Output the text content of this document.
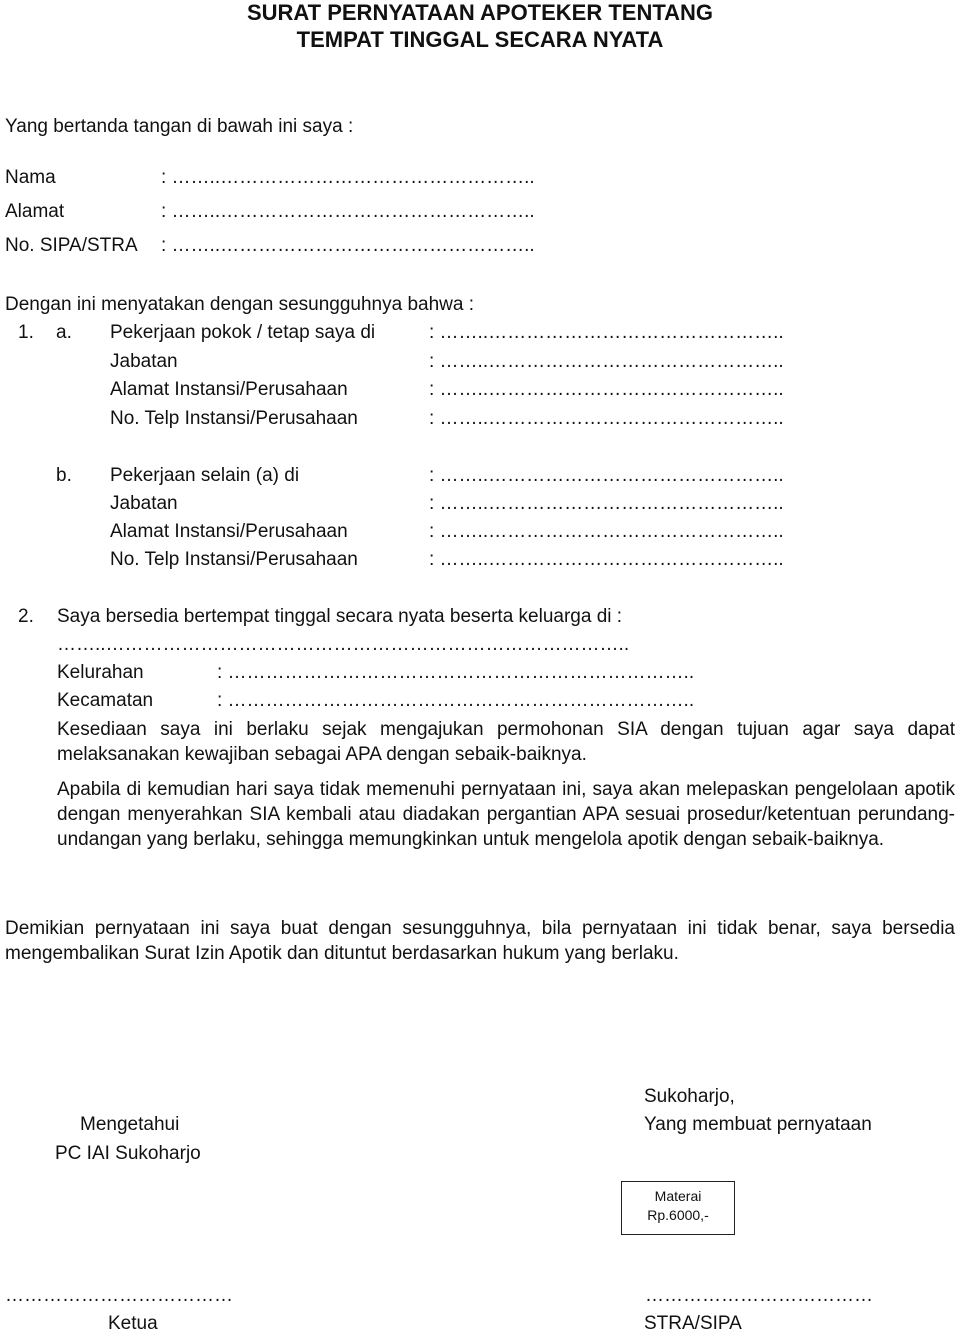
SURAT PERNYATAAN APOTEKER TENTANG
TEMPAT TINGGAL SECARA NYATA
Yang bertanda tangan di bawah ini saya :
Nama	: ……..…………………………………………..
Alamat	: ……..…………………………………………..
No. SIPA/STRA : ……..…………………………………………..
Dengan ini menyatakan dengan sesungguhnya bahwa :
1. a. Pekerjaan pokok / tetap saya di	: ……..………………………………………..
Jabatan	: ……..………………………………………..
Alamat Instansi/Perusahaan	: ……..………………………………………..
No. Telp Instansi/Perusahaan	: ……..………………………………………..
b. Pekerjaan selain (a) di	: ……..………………………………………..
Jabatan	: ……..………………………………………..
Alamat Instansi/Perusahaan	: ……..………………………………………..
No. Telp Instansi/Perusahaan	: ……..………………………………………..
2. Saya bersedia bertempat tinggal secara nyata beserta keluarga di :
……..………………………………………………………………………..
Kelurahan	: ………………………………………………………………..
Kecamatan	: ………………………………………………………………..
Kesediaan saya ini berlaku sejak mengajukan permohonan SIA dengan tujuan agar saya dapat melaksanakan kewajiban sebagai APA dengan sebaik-baiknya.
Apabila di kemudian hari saya tidak memenuhi pernyataan ini, saya akan melepaskan pengelolaan apotik dengan menyerahkan SIA kembali atau diadakan pergantian APA sesuai prosedur/ketentuan perundang-undangan yang berlaku, sehingga memungkinkan untuk mengelola apotik dengan sebaik-baiknya.
Demikian pernyataan ini saya buat dengan sesungguhnya, bila pernyataan ini tidak benar, saya bersedia mengembalikan Surat Izin Apotik dan dituntut berdasarkan hukum yang berlaku.
Sukoharjo,
Mengetahui	Yang membuat pernyataan
PC IAI Sukoharjo
Materai
Rp.6000,-
………………………………	………………………………
Ketua	STRA/SIPA
